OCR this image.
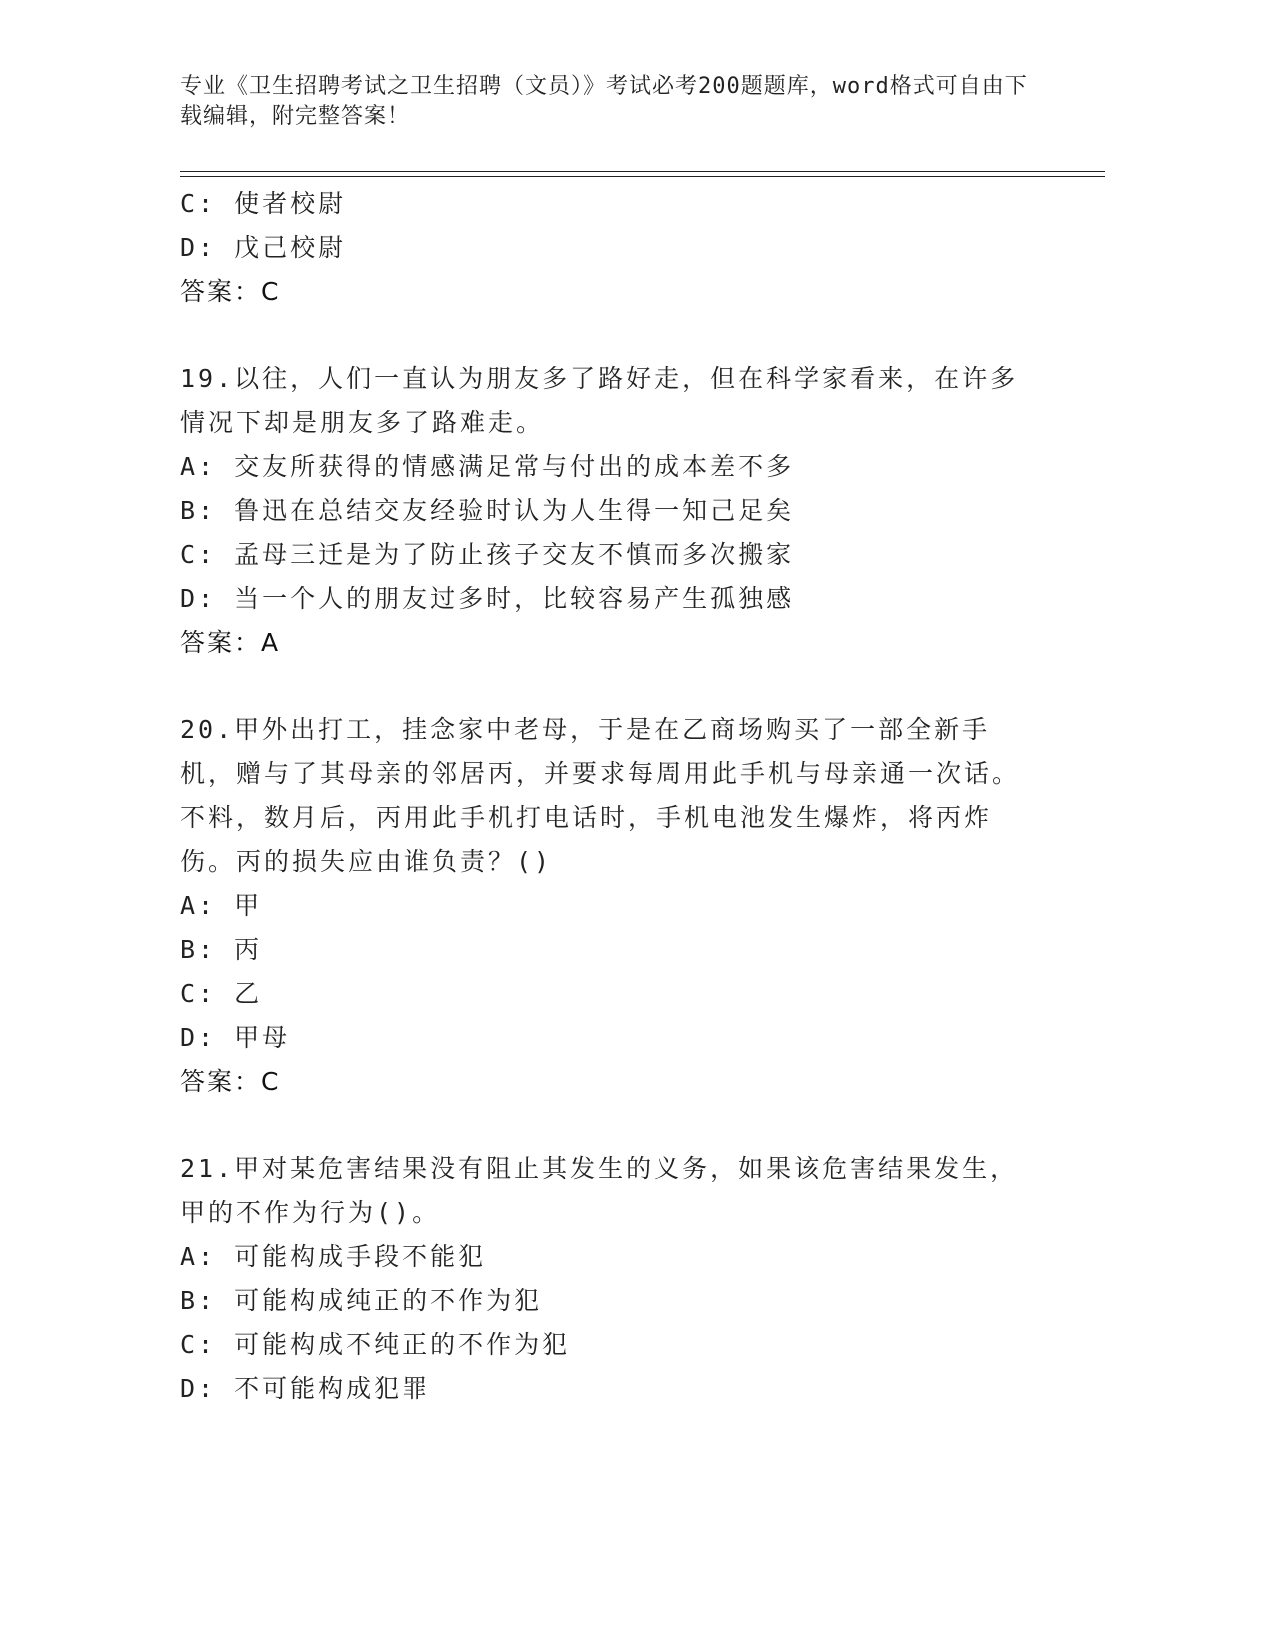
专业《卫生招聘考试之卫生招聘（文员）》考试必考200题题库，word格式可自由下载编辑，附完整答案！
C: 使者校尉
D: 戊己校尉
答案：C
19.以往，人们一直认为朋友多了路好走，但在科学家看来，在许多情况下却是朋友多了路难走。
A: 交友所获得的情感满足常与付出的成本差不多
B: 鲁迅在总结交友经验时认为人生得一知己足矣
C: 孟母三迁是为了防止孩子交友不慎而多次搬家
D: 当一个人的朋友过多时，比较容易产生孤独感
答案：A
20.甲外出打工，挂念家中老母，于是在乙商场购买了一部全新手机，赠与了其母亲的邻居丙，并要求每周用此手机与母亲通一次话。不料，数月后，丙用此手机打电话时，手机电池发生爆炸，将丙炸伤。丙的损失应由谁负责？()
A: 甲
B: 丙
C: 乙
D: 甲母
答案：C
21.甲对某危害结果没有阻止其发生的义务，如果该危害结果发生，甲的不作为行为()。
A: 可能构成手段不能犯
B: 可能构成纯正的不作为犯
C: 可能构成不纯正的不作为犯
D: 不可能构成犯罪
